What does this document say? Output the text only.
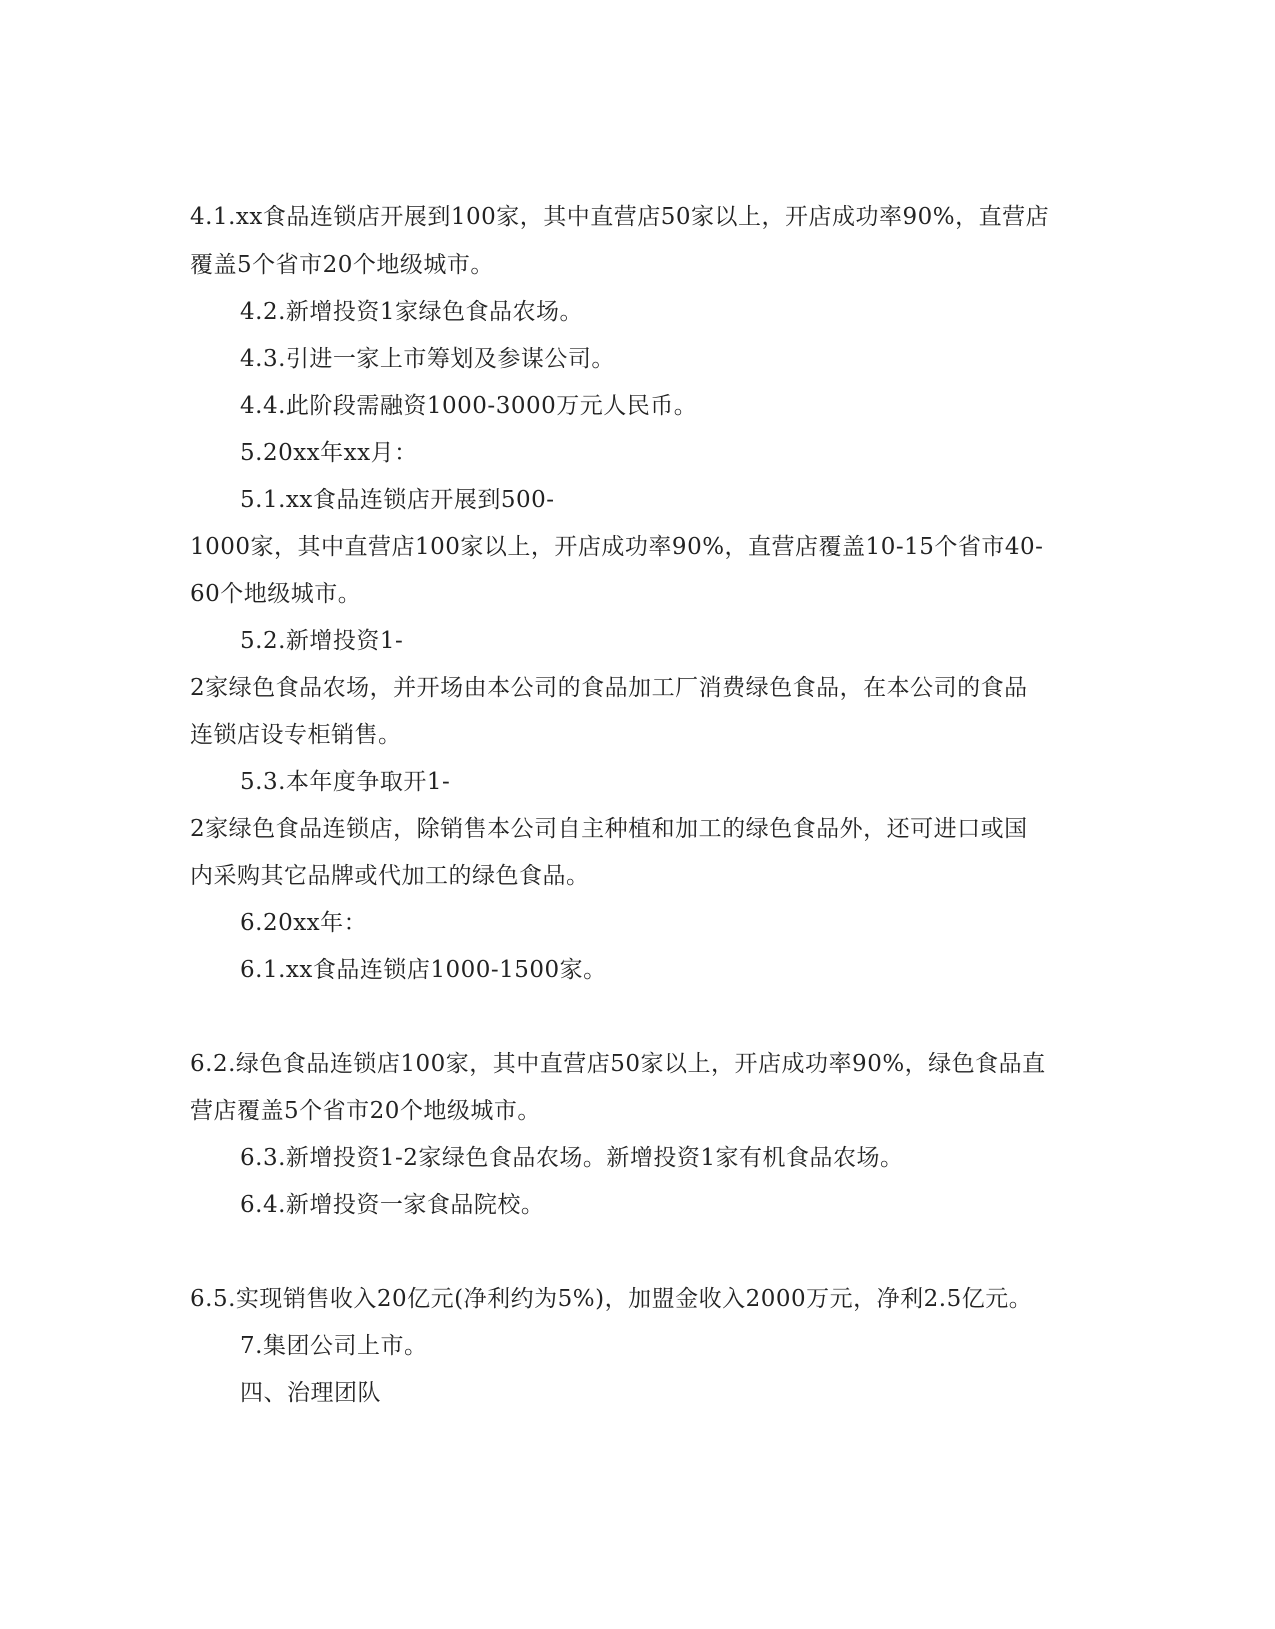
4.1.xx食品连锁店开展到100家，其中直营店50家以上，开店成功率90%，直营店
覆盖5个省市20个地级城市。
4.2.新增投资1家绿色食品农场。
4.3.引进一家上市筹划及参谋公司。
4.4.此阶段需融资1000-3000万元人民币。
5.20xx年xx月：
5.1.xx食品连锁店开展到500-
1000家，其中直营店100家以上，开店成功率90%，直营店覆盖10-15个省市40-
60个地级城市。
5.2.新增投资1-
2家绿色食品农场，并开场由本公司的食品加工厂消费绿色食品，在本公司的食品
连锁店设专柜销售。
5.3.本年度争取开1-
2家绿色食品连锁店，除销售本公司自主种植和加工的绿色食品外，还可进口或国
内采购其它品牌或代加工的绿色食品。
6.20xx年：
6.1.xx食品连锁店1000-1500家。
6.2.绿色食品连锁店100家，其中直营店50家以上，开店成功率90%，绿色食品直
营店覆盖5个省市20个地级城市。
6.3.新增投资1-2家绿色食品农场。新增投资1家有机食品农场。
6.4.新增投资一家食品院校。
6.5.实现销售收入20亿元(净利约为5%)，加盟金收入2000万元，净利2.5亿元。
7.集团公司上市。
四、治理团队
